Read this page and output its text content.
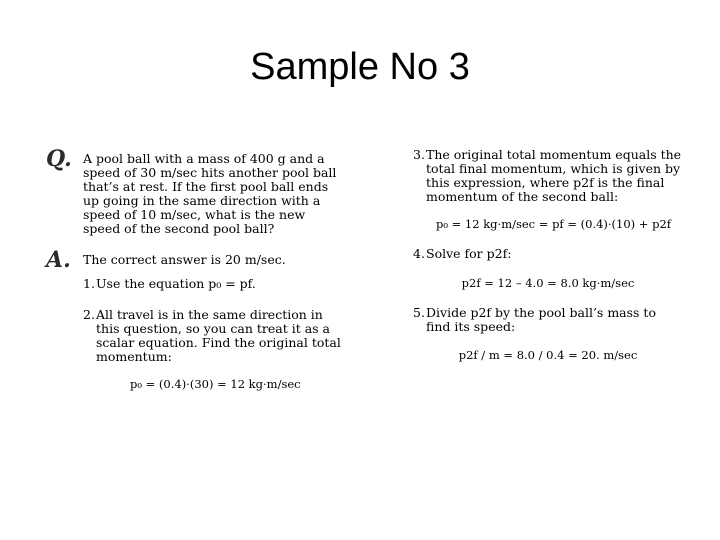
Sample No 3
Q. A pool ball with a mass of 400 g and a speed of 30 m/sec hits another pool ball that’s at rest. If the first pool ball ends up going in the same direction with a speed of 10 m/sec, what is the new speed of the second pool ball?
A. The correct answer is 20 m/sec.
1. Use the equation p₀ = pf.
2. All travel is in the same direction in this question, so you can treat it as a scalar equation. Find the original total momentum:
p₀ = (0.4)·(30) = 12 kg·m/sec
3. The original total momentum equals the total final momentum, which is given by this expression, where p2f is the final momentum of the second ball:
p₀ = 12 kg·m/sec = pf = (0.4)·(10) + p2f
4. Solve for p2f:
p2f = 12 – 4.0 = 8.0 kg·m/sec
5. Divide p2f by the pool ball’s mass to find its speed:
p2f / m = 8.0 / 0.4 = 20. m/sec
